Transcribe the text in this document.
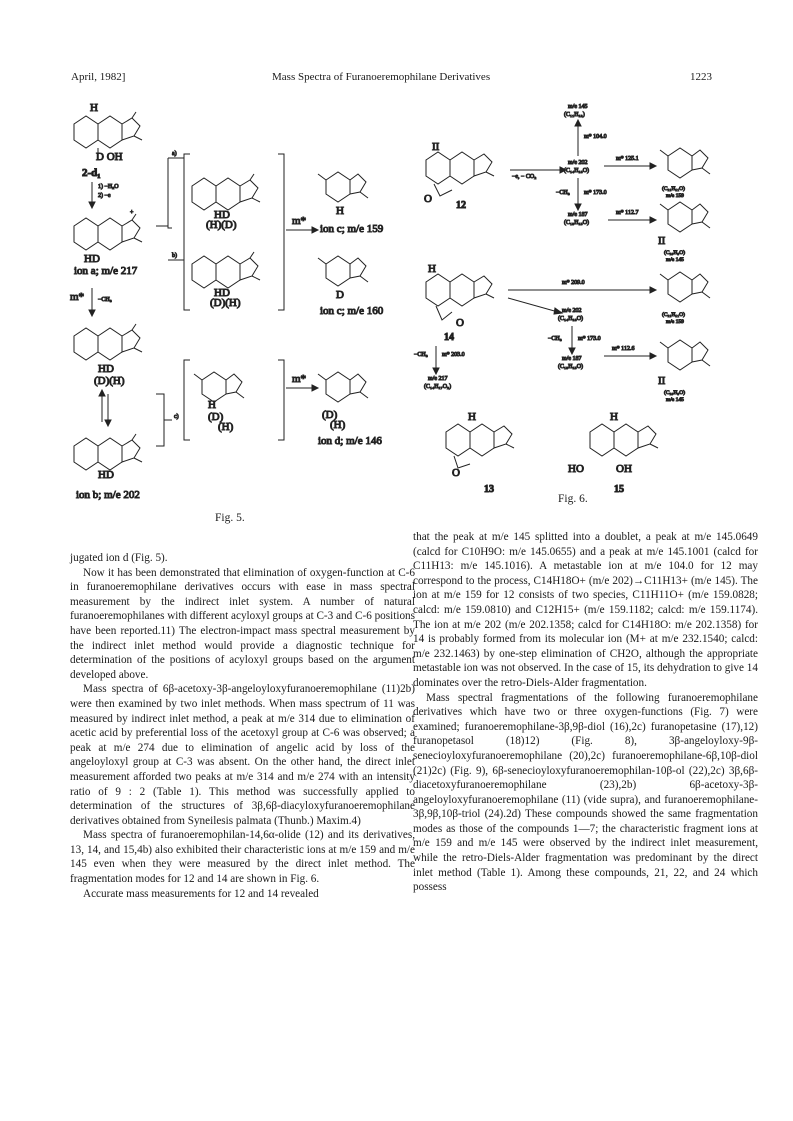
April, 1982]	Mass Spectra of Furanoeremophilane Derivatives	1223
H
D OH
2-d₁
1) −H₂O
2) −e
HD
ion a; m/e 217
+
m* −CH₃
HD
(D)(H)
HD
ion b; m/e 202
a)
b)
HD
(H)(D)
HD
(D)(H)
m*
H
ion c; m/e 159
D
ion c; m/e 160
c)
H
(D)
(H)
m*
(D)
(H)
ion d; m/e 146
Fig. 5.
II
O
12
−e, − CO₂
m/e 202
(C₁₄H₁₈O)
m* 104.0
m/e 145
(C₁₁H₁₃)
m* 125.1
(C₁₁H₁₁O)
m/e 159
−CH₃ m* 173.0
m/e 187
(C₁₃H₁₅O)
m* 112.7
II
(C₁₀H₉O)
m/e 145
H
O
14
m* 209.0
(C₁₁H₁₁O)
m/e 159
m/e 202
(C₁₄H₁₈O)
−CH₃	m* 173.0
m/e 187
(C₁₃H₁₅O)
m* 112.6
II
(C₁₀H₉O)
m/e 145
−CH₃ m* 203.0
m/e 217
(C₁₄H₁₇O₂)
H
O
13
H
HO	OH
15
Fig. 6.

jugated ion d (Fig. 5).

Now it has been demonstrated that elimination of oxygen-function at C-6 in furanoeremophilane derivatives occurs with ease in mass spectral measurement by the indirect inlet system. A number of natural furanoeremophilanes with different acyloxyl groups at C-3 and C-6 positions have been reported.11) The electron-impact mass spectral measurement by the indirect inlet method would provide a diagnostic technique for determination of the positions of acyloxyl groups based on the argument developed above.

Mass spectra of 6β-acetoxy-3β-angeloyloxyfuranoeremophilane (11)2b) were then examined by two inlet methods. When mass spectrum of 11 was measured by indirect inlet method, a peak at m/e 314 due to elimination of acetic acid by preferential loss of the acetoxyl group at C-6 was observed; a peak at m/e 274 due to elimination of angelic acid by loss of the angeloyloxyl group at C-3 was absent. On the other hand, the direct inlet measurement afforded two peaks at m/e 314 and m/e 274 with an intensity ratio of 9 : 2 (Table 1). This method was successfully applied to determination of the structures of 3β,6β-diacyloxyfuranoeremophilane derivatives obtained from Syneilesis palmata (Thunb.) Maxim.4)

Mass spectra of furanoeremophilan-14,6α-olide (12) and its derivatives, 13, 14, and 15,4b) also exhibited their characteristic ions at m/e 159 and m/e 145 even when they were measured by the direct inlet method. The fragmentation modes for 12 and 14 are shown in Fig. 6.

Accurate mass measurements for 12 and 14 revealed

that the peak at m/e 145 splitted into a doublet, a peak at m/e 145.0649 (calcd for C10H9O: m/e 145.0655) and a peak at m/e 145.1001 (calcd for C11H13: m/e 145.1016). A metastable ion at m/e 104.0 for 12 may correspond to the process, C14H18O+ (m/e 202)→C11H13+ (m/e 145). The ion at m/e 159 for 12 consists of two species, C11H11O+ (m/e 159.0828; calcd: m/e 159.0810) and C12H15+ (m/e 159.1182; calcd: m/e 159.1174). The ion at m/e 202 (m/e 202.1358; calcd for C14H18O: m/e 202.1358) for 14 is probably formed from its molecular ion (M+ at m/e 232.1540; calcd: m/e 232.1463) by one-step elimination of CH2O, although the appropriate metastable ion was not observed. In the case of 15, its dehydration to give 14 dominates over the retro-Diels-Alder fragmentation.

Mass spectral fragmentations of the following furanoeremophilane derivatives which have two or three oxygen-functions (Fig. 7) were examined; furanoeremophilane-3β,9β-diol (16),2c) furanopetasine (17),12) furanopetasol (18)12) (Fig. 8), 3β-angeloyloxy-9β-senecioyloxyfuranoeremophilane (20),2c) furanoeremophilane-6β,10β-diol (21)2c) (Fig. 9), 6β-senecioyloxyfuranoeremophilan-10β-ol (22),2c) 3β,6β-diacetoxyfuranoeremophilane (23),2b) 6β-acetoxy-3β-angeloyloxyfuranoeremophilane (11) (vide supra), and furanoeremophilane-3β,9β,10β-triol (24).2d) These compounds showed the same fragmentation modes as those of the compounds 1—7; the characteristic fragment ions at m/e 159 and m/e 145 were observed by the indirect inlet measurement, while the retro-Diels-Alder fragmentation was predominant by the direct inlet method (Table 1). Among these compounds, 21, 22, and 24 which possess
